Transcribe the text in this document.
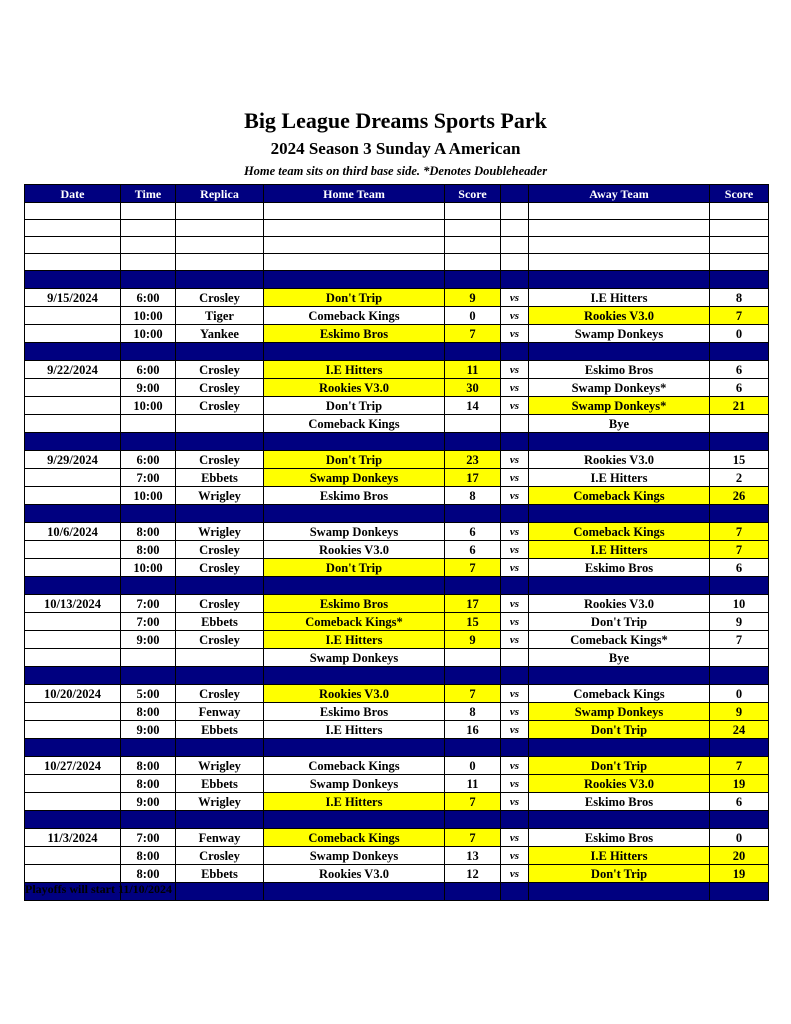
Big League Dreams Sports Park
2024 Season 3 Sunday A American
Home team sits on third base side. *Denotes Doubleheader
Date	Time	Replica	Home Team	Score		Away Team	Score

9/15/2024	6:00	Crosley	Don't Trip	9	vs	I.E Hitters	8
	10:00	Tiger	Comeback Kings	0	vs	Rookies V3.0	7
	10:00	Yankee	Eskimo Bros	7	vs	Swamp Donkeys	0

9/22/2024	6:00	Crosley	I.E Hitters	11	vs	Eskimo Bros	6
	9:00	Crosley	Rookies V3.0	30	vs	Swamp Donkeys*	6
	10:00	Crosley	Don't Trip	14	vs	Swamp Donkeys*	21
			Comeback Kings			Bye	

9/29/2024	6:00	Crosley	Don't Trip	23	vs	Rookies V3.0	15
	7:00	Ebbets	Swamp Donkeys	17	vs	I.E Hitters	2
	10:00	Wrigley	Eskimo Bros	8	vs	Comeback Kings	26

10/6/2024	8:00	Wrigley	Swamp Donkeys	6	vs	Comeback Kings	7
	8:00	Crosley	Rookies V3.0	6	vs	I.E Hitters	7
	10:00	Crosley	Don't Trip	7	vs	Eskimo Bros	6

10/13/2024	7:00	Crosley	Eskimo Bros	17	vs	Rookies V3.0	10
	7:00	Ebbets	Comeback Kings*	15	vs	Don't Trip	9
	9:00	Crosley	I.E Hitters	9	vs	Comeback Kings*	7
			Swamp Donkeys			Bye	

10/20/2024	5:00	Crosley	Rookies V3.0	7	vs	Comeback Kings	0
	8:00	Fenway	Eskimo Bros	8	vs	Swamp Donkeys	9
	9:00	Ebbets	I.E Hitters	16	vs	Don't Trip	24

10/27/2024	8:00	Wrigley	Comeback Kings	0	vs	Don't Trip	7
	8:00	Ebbets	Swamp Donkeys	11	vs	Rookies V3.0	19
	9:00	Wrigley	I.E Hitters	7	vs	Eskimo Bros	6

11/3/2024	7:00	Fenway	Comeback Kings	7	vs	Eskimo Bros	0
	8:00	Crosley	Swamp Donkeys	13	vs	I.E Hitters	20
	8:00	Ebbets	Rookies V3.0	12	vs	Don't Trip	19

Playoffs will start 11/10/2024
